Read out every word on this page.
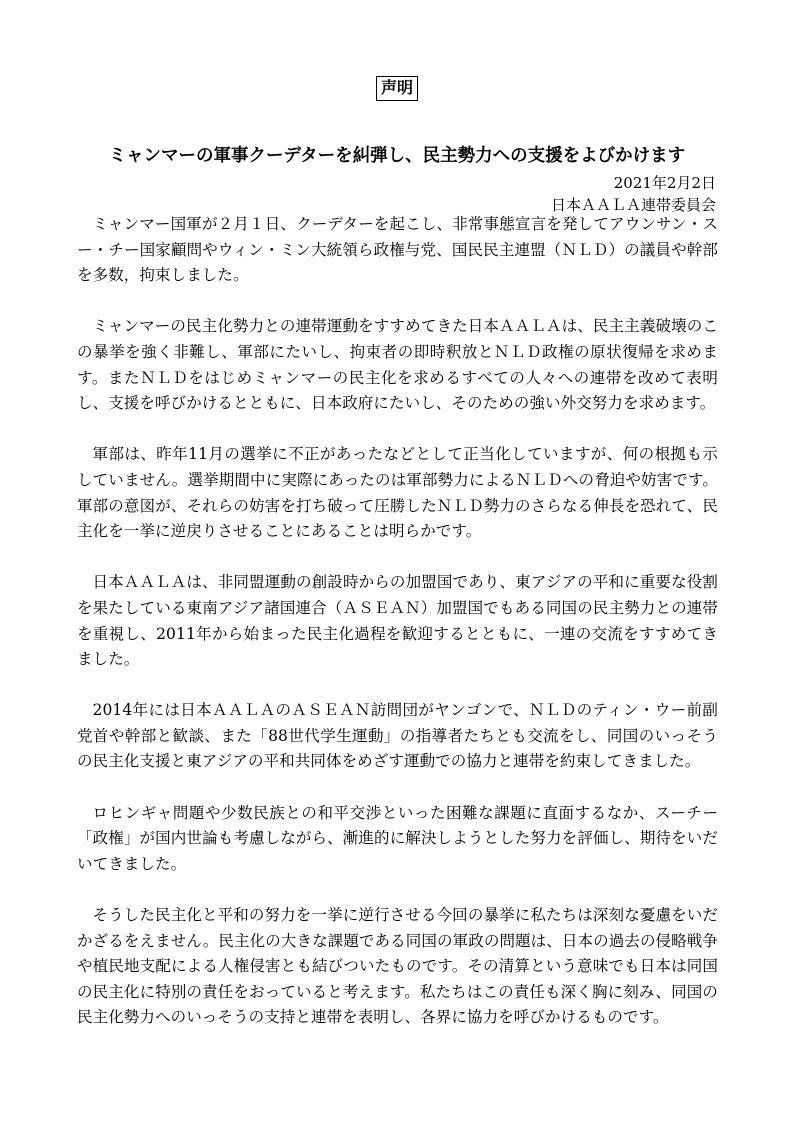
声明
ミャンマーの軍事クーデターを糾弾し、民主勢力への支援をよびかけます
2021年2月2日
日本ＡＡＬＡ連帯委員会

ミャンマー国軍が２月１日、クーデターを起こし、非常事態宣言を発してアウンサン・スー・チー国家顧問やウィン・ミン大統領ら政権与党、国民民主連盟（ＮＬＤ）の議員や幹部を多数，拘束しました。

ミャンマーの民主化勢力との連帯運動をすすめてきた日本ＡＡＬＡは、民主主義破壊のこの暴挙を強く非難し、軍部にたいし、拘束者の即時釈放とＮＬＤ政権の原状復帰を求めます。またＮＬＤをはじめミャンマーの民主化を求めるすべての人々への連帯を改めて表明し、支援を呼びかけるとともに、日本政府にたいし、そのための強い外交努力を求めます。

軍部は、昨年11月の選挙に不正があったなどとして正当化していますが、何の根拠も示していません。選挙期間中に実際にあったのは軍部勢力によるＮＬＤへの脅迫や妨害です。軍部の意図が、それらの妨害を打ち破って圧勝したＮＬＤ勢力のさらなる伸長を恐れて、民主化を一挙に逆戻りさせることにあることは明らかです。

日本ＡＡＬＡは、非同盟運動の創設時からの加盟国であり、東アジアの平和に重要な役割を果たしている東南アジア諸国連合（ＡＳＥＡＮ）加盟国でもある同国の民主勢力との連帯を重視し、2011年から始まった民主化過程を歓迎するとともに、一連の交流をすすめてきました。

2014年には日本ＡＡＬＡのＡＳＥＡＮ訪問団がヤンゴンで、ＮＬＤのティン・ウー前副党首や幹部と歓談、また「88世代学生運動」の指導者たちとも交流をし、同国のいっそうの民主化支援と東アジアの平和共同体をめざす運動での協力と連帯を約束してきました。

ロヒンギャ問題や少数民族との和平交渉といった困難な課題に直面するなか、スーチー「政権」が国内世論も考慮しながら、漸進的に解決しようとした努力を評価し、期待をいだいてきました。

そうした民主化と平和の努力を一挙に逆行させる今回の暴挙に私たちは深刻な憂慮をいだかざるをえません。民主化の大きな課題である同国の軍政の問題は、日本の過去の侵略戦争や植民地支配による人権侵害とも結びついたものです。その清算という意味でも日本は同国の民主化に特別の責任をおっていると考えます。私たちはこの責任も深く胸に刻み、同国の民主化勢力へのいっそうの支持と連帯を表明し、各界に協力を呼びかけるものです。
